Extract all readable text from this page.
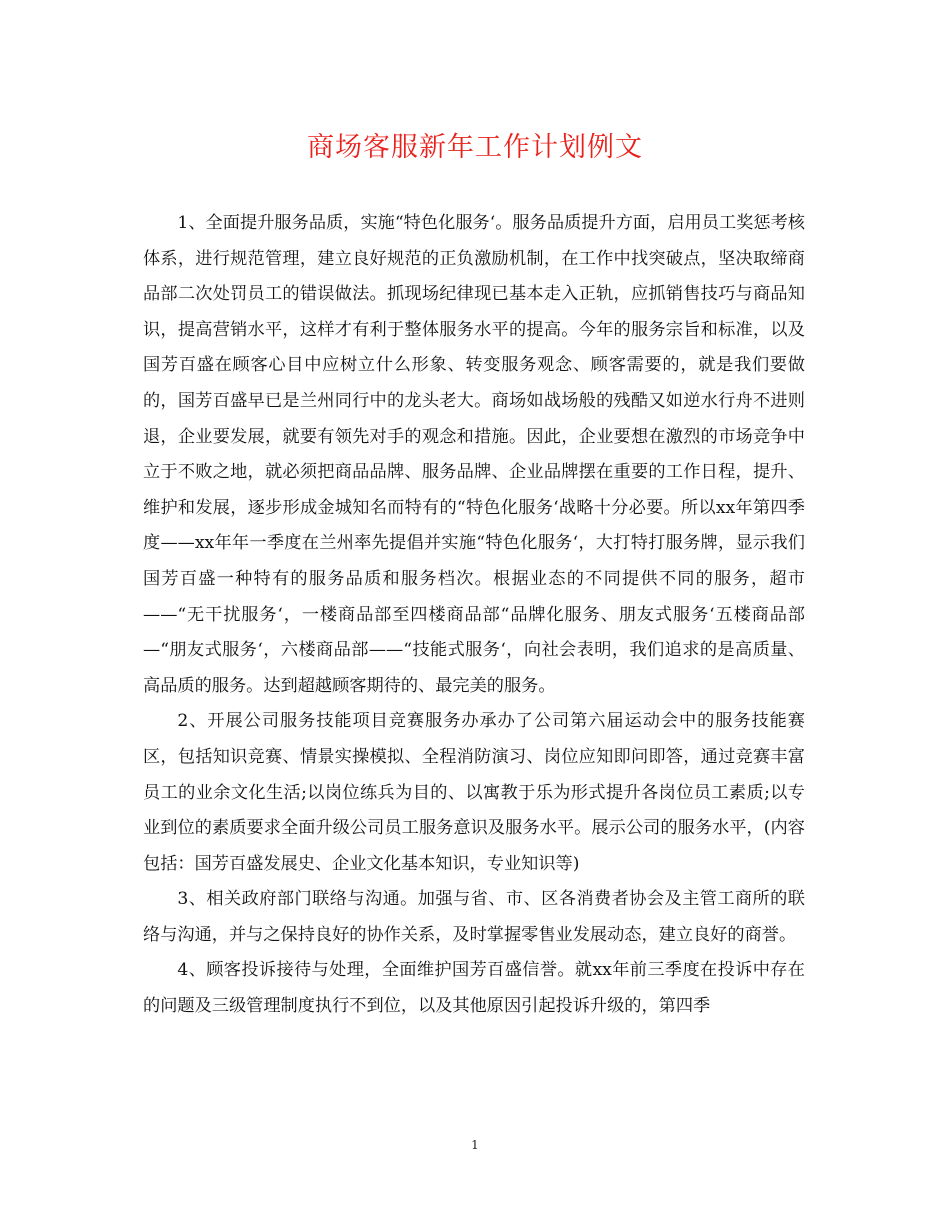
商场客服新年工作计划例文

1、全面提升服务品质，实施“特色化服务‘。服务品质提升方面，启用员工奖惩考核体系，进行规范管理，建立良好规范的正负激励机制，在工作中找突破点，坚决取缔商品部二次处罚员工的错误做法。抓现场纪律现已基本走入正轨，应抓销售技巧与商品知识，提高营销水平，这样才有利于整体服务水平的提高。今年的服务宗旨和标准，以及国芳百盛在顾客心目中应树立什么形象、转变服务观念、顾客需要的，就是我们要做的，国芳百盛早已是兰州同行中的龙头老大。商场如战场般的残酷又如逆水行舟不进则退，企业要发展，就要有领先对手的观念和措施。因此，企业要想在激烈的市场竞争中立于不败之地，就必须把商品品牌、服务品牌、企业品牌摆在重要的工作日程，提升、维护和发展，逐步形成金城知名而特有的“特色化服务‘战略十分必要。所以xx年第四季度——xx年年一季度在兰州率先提倡并实施“特色化服务‘，大打特打服务牌，显示我们国芳百盛一种特有的服务品质和服务档次。根据业态的不同提供不同的服务，超市——“无干扰服务‘，一楼商品部至四楼商品部“品牌化服务、朋友式服务‘五楼商品部—“朋友式服务‘，六楼商品部——“技能式服务‘，向社会表明，我们追求的是高质量、高品质的服务。达到超越顾客期待的、最完美的服务。

2、开展公司服务技能项目竞赛服务办承办了公司第六届运动会中的服务技能赛区，包括知识竞赛、情景实操模拟、全程消防演习、岗位应知即问即答，通过竞赛丰富员工的业余文化生活;以岗位练兵为目的、以寓教于乐为形式提升各岗位员工素质;以专业到位的素质要求全面升级公司员工服务意识及服务水平。展示公司的服务水平，(内容包括：国芳百盛发展史、企业文化基本知识，专业知识等)

3、相关政府部门联络与沟通。加强与省、市、区各消费者协会及主管工商所的联络与沟通，并与之保持良好的协作关系，及时掌握零售业发展动态，建立良好的商誉。

4、顾客投诉接待与处理，全面维护国芳百盛信誉。就xx年前三季度在投诉中存在的问题及三级管理制度执行不到位，以及其他原因引起投诉升级的，第四季

1
